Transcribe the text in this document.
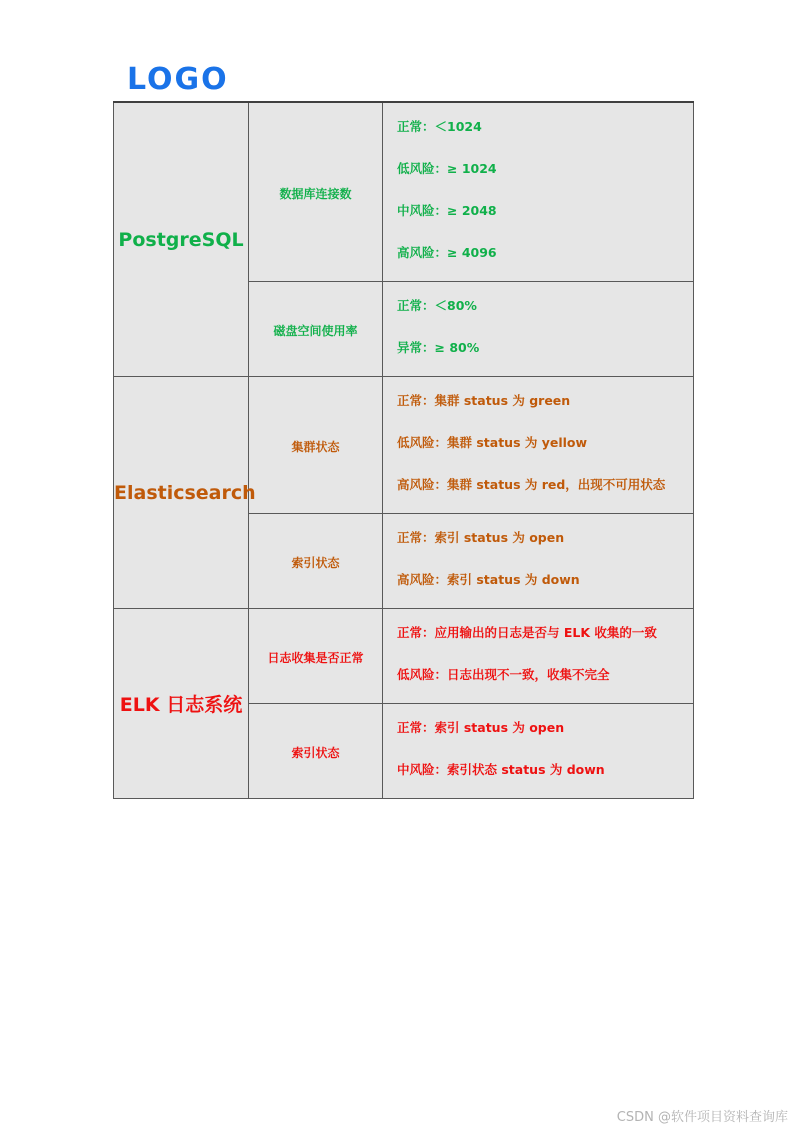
LOGO
PostgreSQL	数据库连接数	正常：＜1024
低风险：≥ 1024
中风险：≥ 2048
高风险：≥ 4096

	磁盘空间使用率	正常：＜80%
异常：≥ 80%

Elasticsearch	集群状态	正常：集群 status 为 green
低风险：集群 status 为 yellow
高风险：集群 status 为 red，出现不可用状态

	索引状态	正常：索引 status 为 open
高风险：索引 status 为 down

ELK 日志系统	日志收集是否正常	正常：应用输出的日志是否与 ELK 收集的一致
低风险：日志出现不一致，收集不完全

	索引状态	正常：索引 status 为 open
中风险：索引状态 status 为 down
CSDN @软件项目资料查询库
